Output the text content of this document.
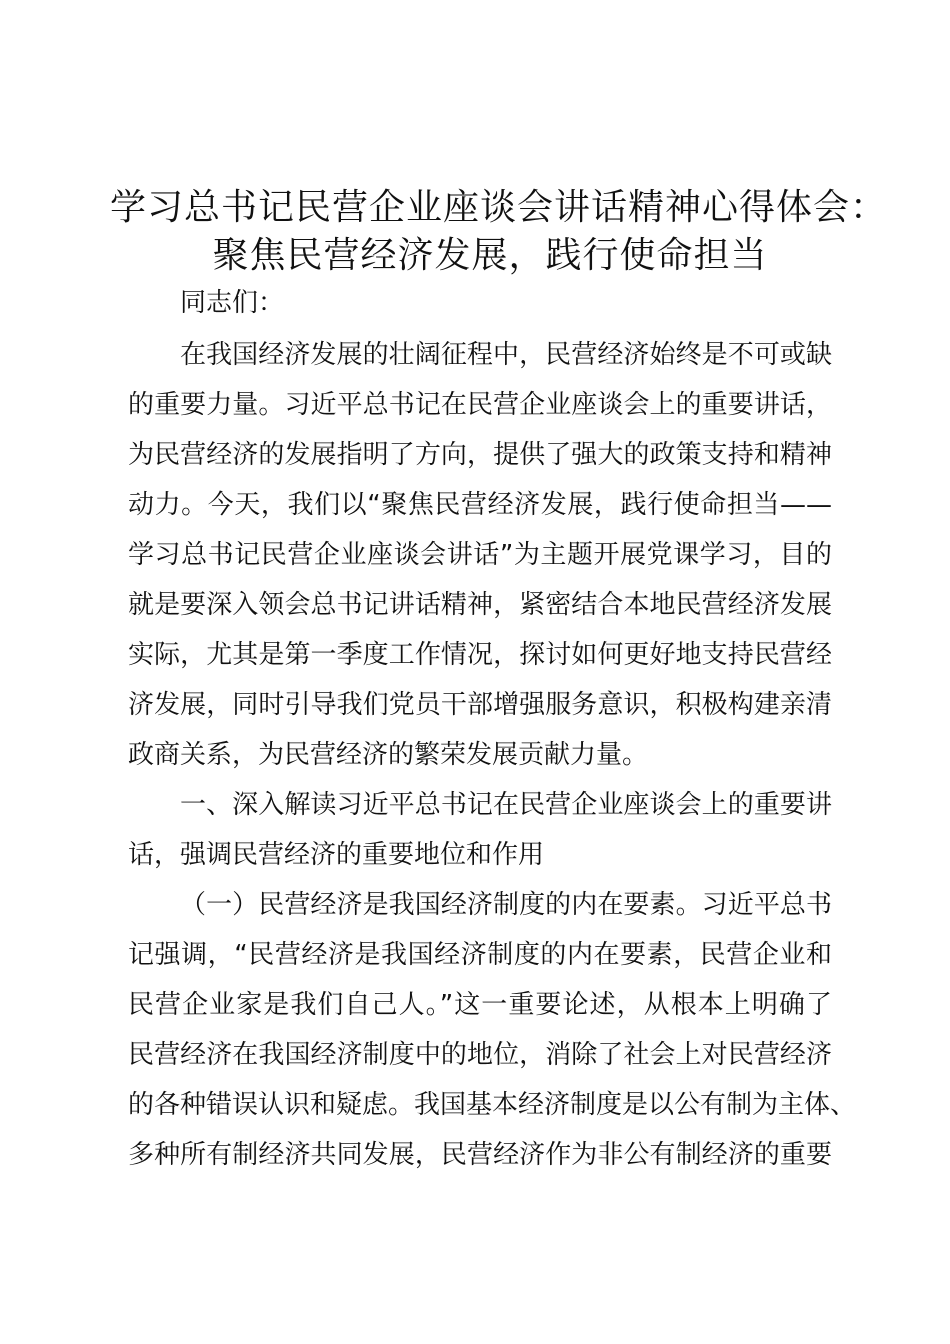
学习总书记民营企业座谈会讲话精神心得体会：
聚焦民营经济发展，践行使命担当
同志们：
在我国经济发展的壮阔征程中，民营经济始终是不可或缺
的重要力量。习近平总书记在民营企业座谈会上的重要讲话，
为民营经济的发展指明了方向，提供了强大的政策支持和精神
动力。今天，我们以“聚焦民营经济发展，践行使命担当——
学习总书记民营企业座谈会讲话”为主题开展党课学习，目的
就是要深入领会总书记讲话精神，紧密结合本地民营经济发展
实际，尤其是第一季度工作情况，探讨如何更好地支持民营经
济发展，同时引导我们党员干部增强服务意识，积极构建亲清
政商关系，为民营经济的繁荣发展贡献力量。
一、深入解读习近平总书记在民营企业座谈会上的重要讲
话，强调民营经济的重要地位和作用
（一）民营经济是我国经济制度的内在要素。习近平总书
记强调，“民营经济是我国经济制度的内在要素，民营企业和
民营企业家是我们自己人。”这一重要论述，从根本上明确了
民营经济在我国经济制度中的地位，消除了社会上对民营经济
的各种错误认识和疑虑。我国基本经济制度是以公有制为主体、
多种所有制经济共同发展，民营经济作为非公有制经济的重要
